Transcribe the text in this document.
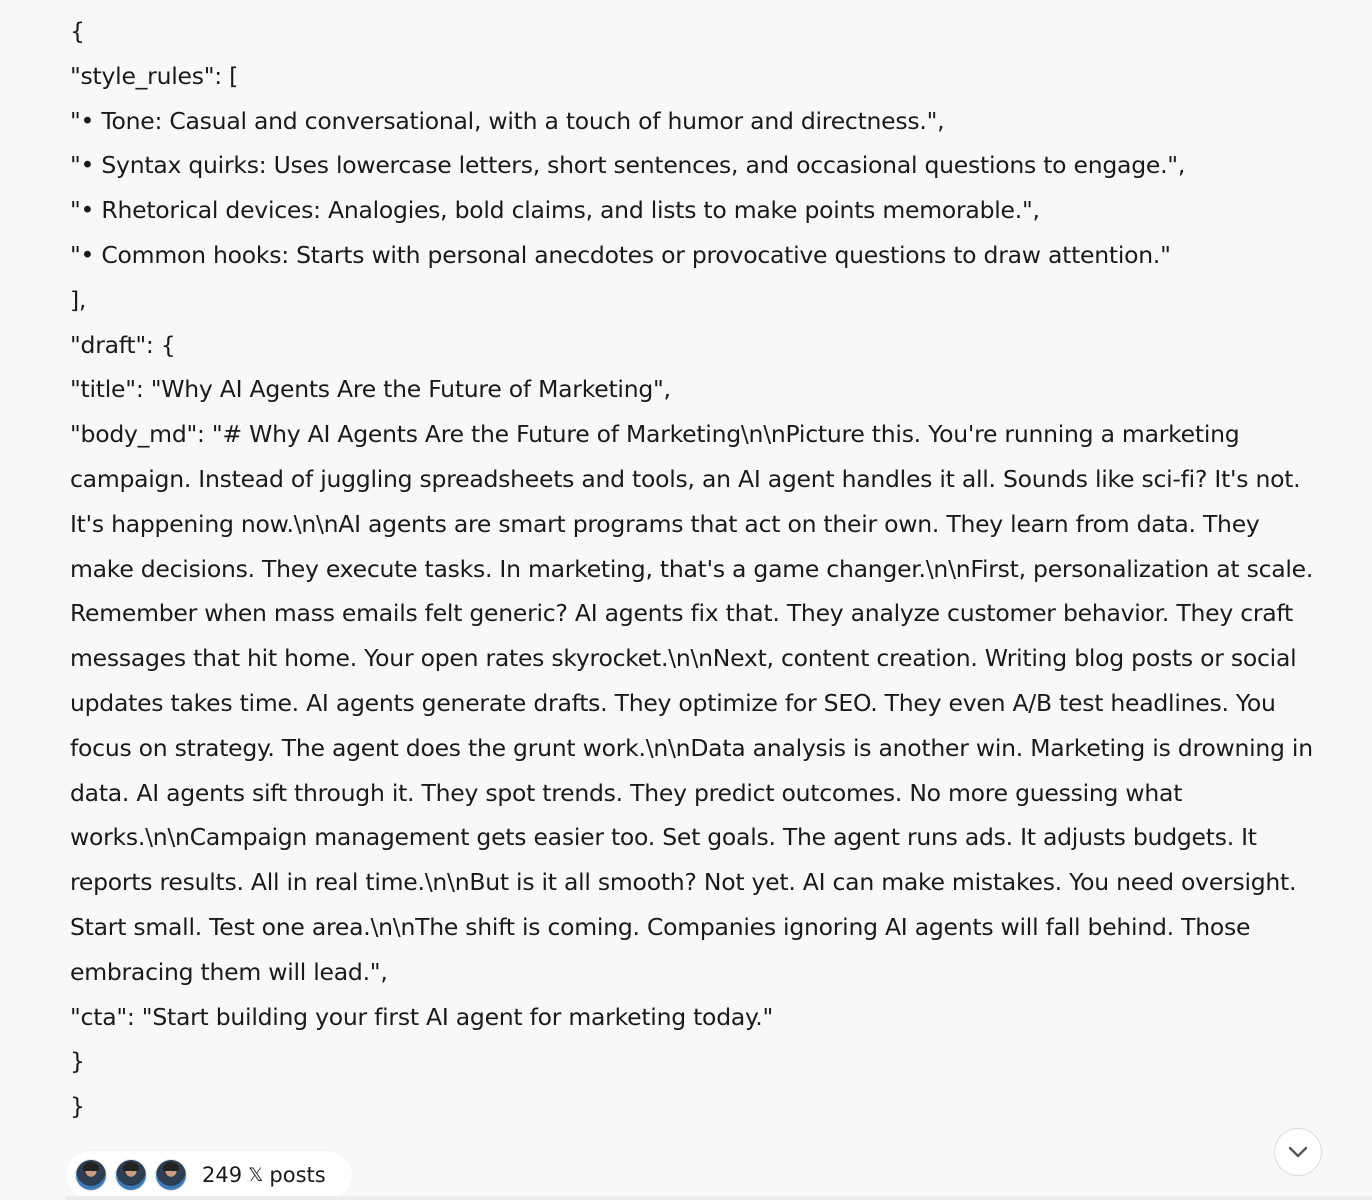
{

"style_rules": [

"• Tone: Casual and conversational, with a touch of humor and directness.",

"• Syntax quirks: Uses lowercase letters, short sentences, and occasional questions to engage.",

"• Rhetorical devices: Analogies, bold claims, and lists to make points memorable.",

"• Common hooks: Starts with personal anecdotes or provocative questions to draw attention."

],

"draft": {

"title": "Why AI Agents Are the Future of Marketing",

"body_md": "# Why AI Agents Are the Future of Marketing\n\nPicture this. You're running a marketing campaign. Instead of juggling spreadsheets and tools, an AI agent handles it all. Sounds like sci-fi? It's not. It's happening now.\n\nAI agents are smart programs that act on their own. They learn from data. They make decisions. They execute tasks. In marketing, that's a game changer.\n\nFirst, personalization at scale. Remember when mass emails felt generic? AI agents fix that. They analyze customer behavior. They craft messages that hit home. Your open rates skyrocket.\n\nNext, content creation. Writing blog posts or social updates takes time. AI agents generate drafts. They optimize for SEO. They even A/B test headlines. You focus on strategy. The agent does the grunt work.\n\nData analysis is another win. Marketing is drowning in data. AI agents sift through it. They spot trends. They predict outcomes. No more guessing what works.\n\nCampaign management gets easier too. Set goals. The agent runs ads. It adjusts budgets. It reports results. All in real time.\n\nBut is it all smooth? Not yet. AI can make mistakes. You need oversight. Start small. Test one area.\n\nThe shift is coming. Companies ignoring AI agents will fall behind. Those embracing them will lead.",

"cta": "Start building your first AI agent for marketing today."

}

}

249 𝕏 posts
